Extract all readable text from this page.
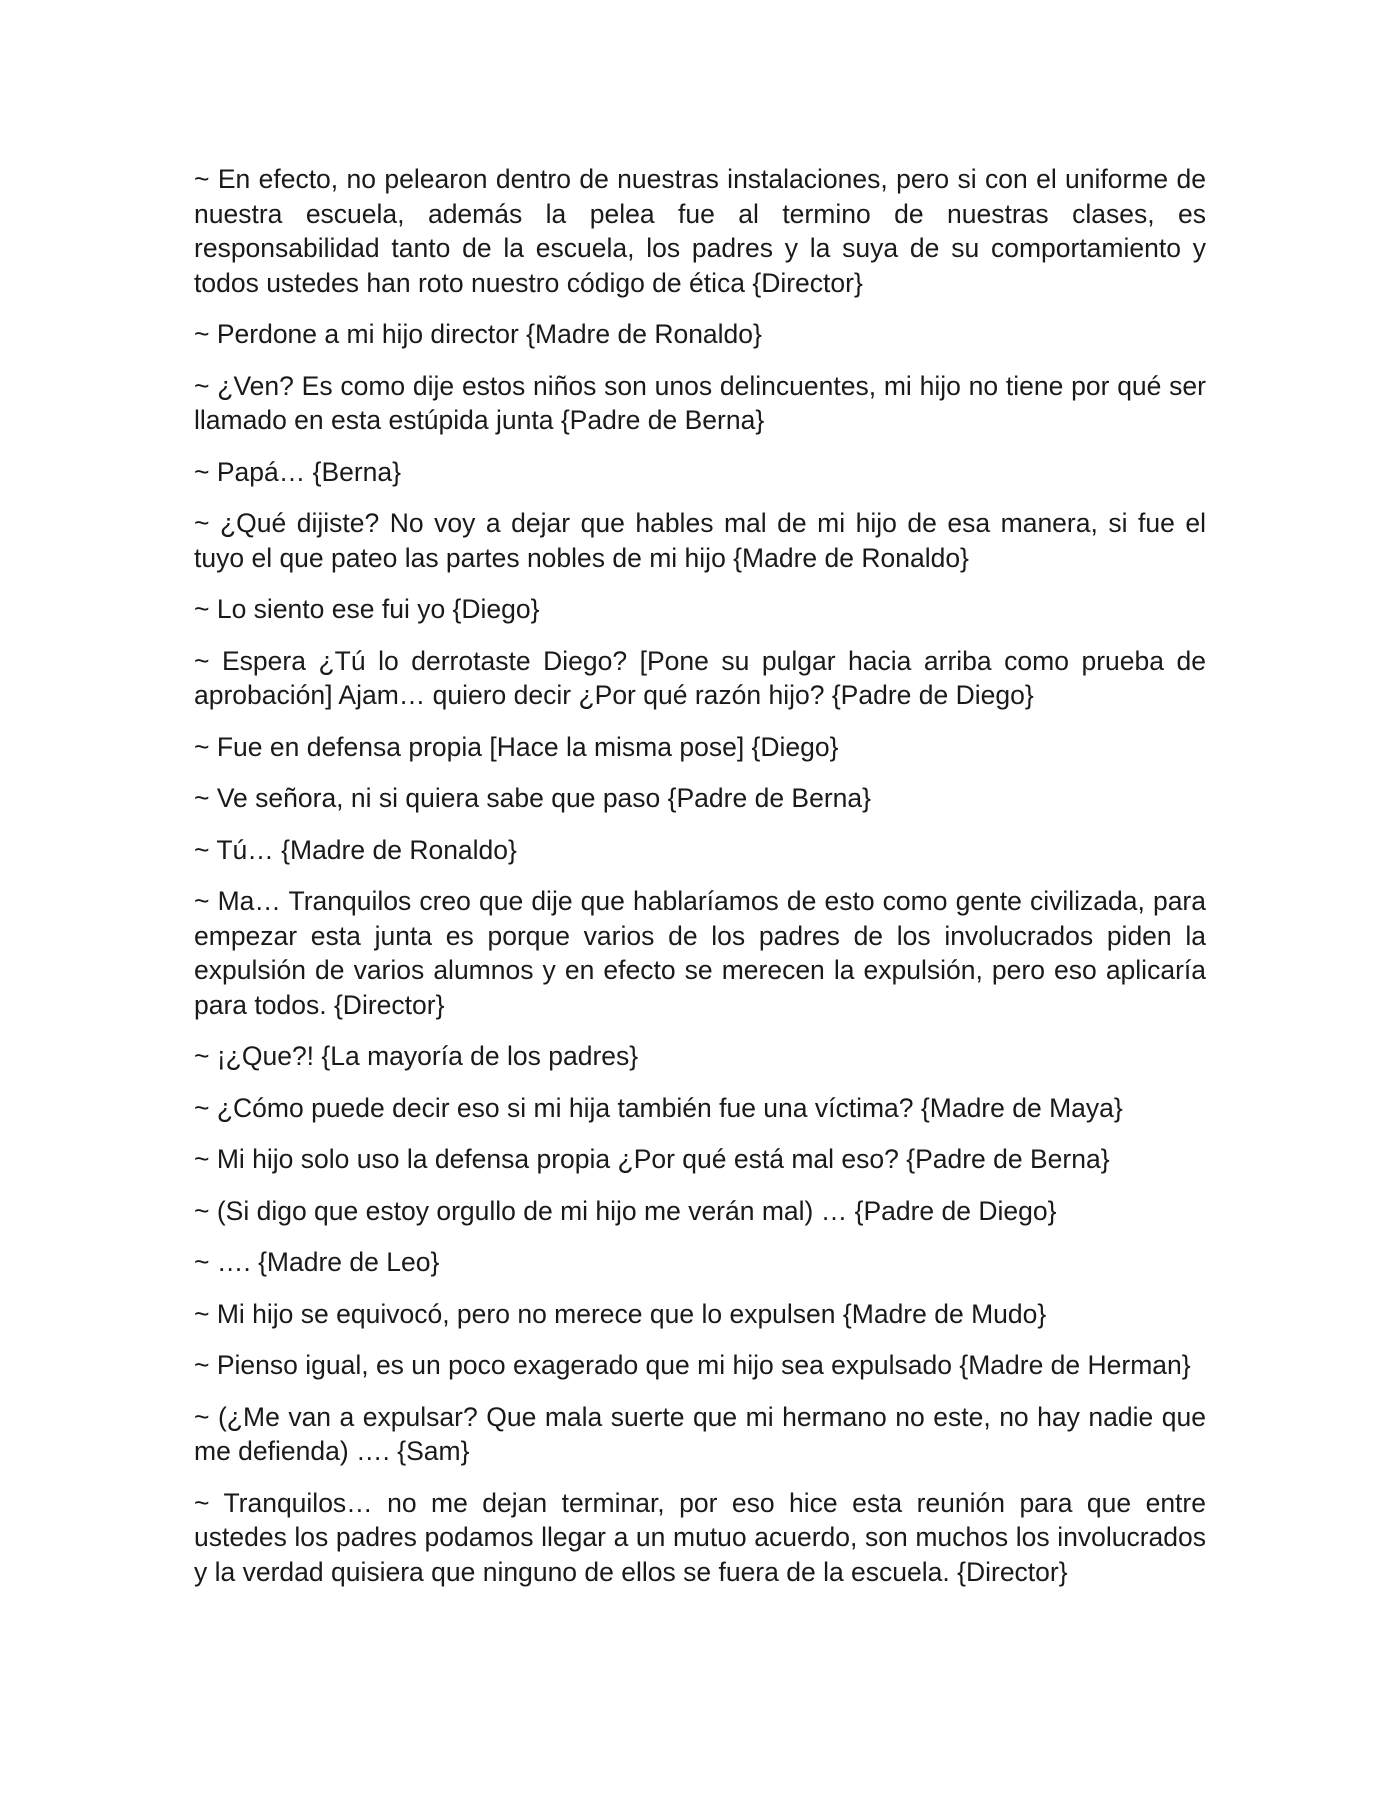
~ En efecto, no pelearon dentro de nuestras instalaciones, pero si con el uniforme de nuestra escuela, además la pelea fue al termino de nuestras clases, es responsabilidad tanto de la escuela, los padres y la suya de su comportamiento y todos ustedes han roto nuestro código de ética {Director}

~ Perdone a mi hijo director {Madre de Ronaldo}

~ ¿Ven? Es como dije estos niños son unos delincuentes, mi hijo no tiene por qué ser llamado en esta estúpida junta {Padre de Berna}

~ Papá… {Berna}

~ ¿Qué dijiste? No voy a dejar que hables mal de mi hijo de esa manera, si fue el tuyo el que pateo las partes nobles de mi hijo {Madre de Ronaldo}

~ Lo siento ese fui yo {Diego}

~ Espera ¿Tú lo derrotaste Diego? [Pone su pulgar hacia arriba como prueba de aprobación] Ajam… quiero decir ¿Por qué razón hijo? {Padre de Diego}

~ Fue en defensa propia [Hace la misma pose] {Diego}

~ Ve señora, ni si quiera sabe que paso {Padre de Berna}

~ Tú… {Madre de Ronaldo}

~ Ma… Tranquilos creo que dije que hablaríamos de esto como gente civilizada, para empezar esta junta es porque varios de los padres de los involucrados piden la expulsión de varios alumnos y en efecto se merecen la expulsión, pero eso aplicaría para todos. {Director}

~ ¡¿Que?! {La mayoría de los padres}

~ ¿Cómo puede decir eso si mi hija también fue una víctima? {Madre de Maya}

~ Mi hijo solo uso la defensa propia ¿Por qué está mal eso? {Padre de Berna}

~ (Si digo que estoy orgullo de mi hijo me verán mal) … {Padre de Diego}

~ …. {Madre de Leo}

~ Mi hijo se equivocó, pero no merece que lo expulsen {Madre de Mudo}

~ Pienso igual, es un poco exagerado que mi hijo sea expulsado {Madre de Herman}

~ (¿Me van a expulsar? Que mala suerte que mi hermano no este, no hay nadie que me defienda) …. {Sam}

~ Tranquilos… no me dejan terminar, por eso hice esta reunión para que entre ustedes los padres podamos llegar a un mutuo acuerdo, son muchos los involucrados y la verdad quisiera que ninguno de ellos se fuera de la escuela. {Director}
